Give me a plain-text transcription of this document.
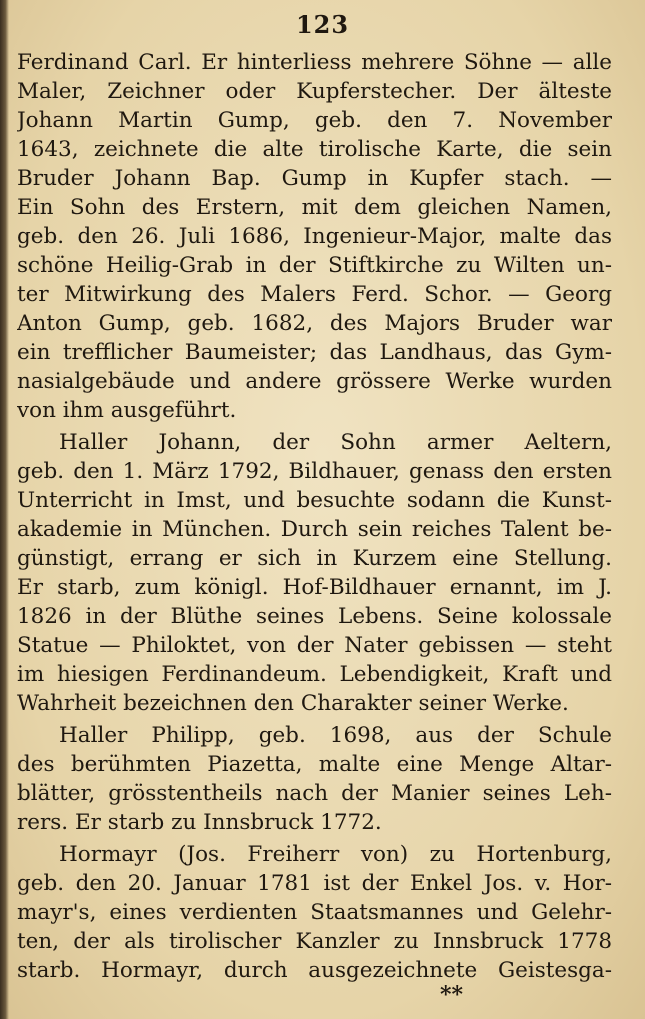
123
Ferdinand Carl. Er hinterliess mehrere Söhne — alle
Maler, Zeichner oder Kupferstecher. Der älteste
Johann Martin Gump, geb. den 7. November
1643, zeichnete die alte tirolische Karte, die sein
Bruder Johann Bap. Gump in Kupfer stach. —
Ein Sohn des Erstern, mit dem gleichen Namen,
geb. den 26. Juli 1686, Ingenieur-Major, malte das
schöne Heilig-Grab in der Stiftkirche zu Wilten un-
ter Mitwirkung des Malers Ferd. Schor. — Georg
Anton Gump, geb. 1682, des Majors Bruder war
ein trefflicher Baumeister; das Landhaus, das Gym-
nasialgebäude und andere grössere Werke wurden
von ihm ausgeführt.
Haller Johann, der Sohn armer Aeltern,
geb. den 1. März 1792, Bildhauer, genass den ersten
Unterricht in Imst, und besuchte sodann die Kunst-
akademie in München. Durch sein reiches Talent be-
günstigt, errang er sich in Kurzem eine Stellung.
Er starb, zum königl. Hof-Bildhauer ernannt, im J.
1826 in der Blüthe seines Lebens. Seine kolossale
Statue — Philoktet, von der Nater gebissen — steht
im hiesigen Ferdinandeum. Lebendigkeit, Kraft und
Wahrheit bezeichnen den Charakter seiner Werke.
Haller Philipp, geb. 1698, aus der Schule
des berühmten Piazetta, malte eine Menge Altar-
blätter, grösstentheils nach der Manier seines Leh-
rers. Er starb zu Innsbruck 1772.
Hormayr (Jos. Freiherr von) zu Hortenburg,
geb. den 20. Januar 1781 ist der Enkel Jos. v. Hor-
mayr's, eines verdienten Staatsmannes und Gelehr-
ten, der als tirolischer Kanzler zu Innsbruck 1778
starb. Hormayr, durch ausgezeichnete Geistesga-
**
